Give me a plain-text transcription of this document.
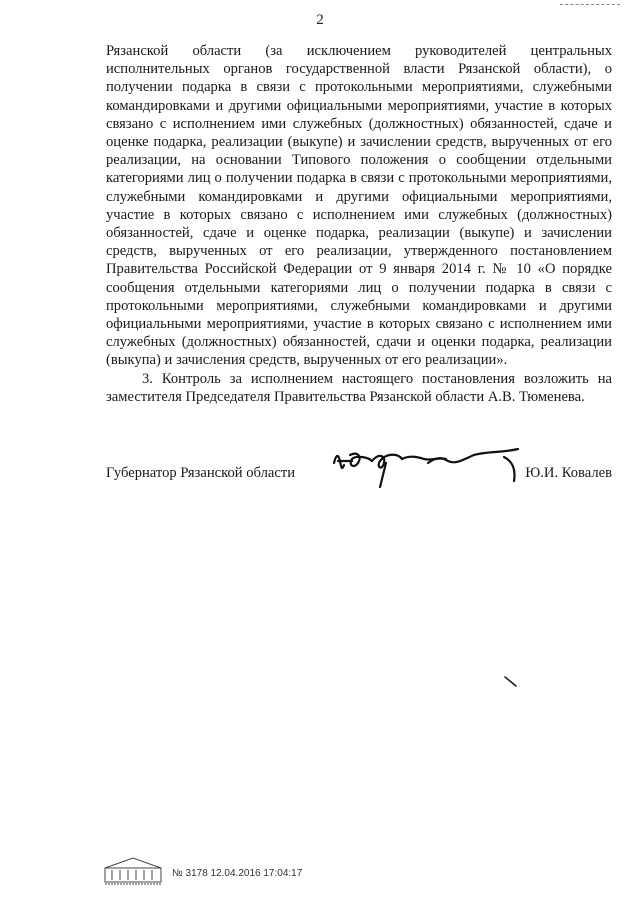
2

Рязанской области (за исключением руководителей центральных исполнительных органов государственной власти Рязанской области), о получении подарка в связи с протокольными мероприятиями, служебными командировками и другими официальными мероприятиями, участие в которых связано с исполнением ими служебных (должностных) обязанностей, сдаче и оценке подарка, реализации (выкупе) и зачислении средств, вырученных от его реализации, на основании Типового положения о сообщении отдельными категориями лиц о получении подарка в связи с протокольными мероприятиями, служебными командировками и другими официальными мероприятиями, участие в которых связано с исполнением ими служебных (должностных) обязанностей, сдаче и оценке подарка, реализации (выкупе) и зачислении средств, вырученных от его реализации, утвержденного постановлением Правительства Российской Федерации от 9 января 2014 г. № 10 «О порядке сообщения отдельными категориями лиц о получении подарка в связи с протокольными мероприятиями, служебными командировками и другими официальными мероприятиями, участие в которых связано с исполнением ими служебных (должностных) обязанностей, сдачи и оценки подарка, реализации (выкупа) и зачисления средств, вырученных от его реализации».

3. Контроль за исполнением настоящего постановления возложить на заместителя Председателя Правительства Рязанской области А.В. Тюменева.

Губернатор Рязанской области	Ю.И. Ковалев
№ 3178 12.04.2016 17:04:17
